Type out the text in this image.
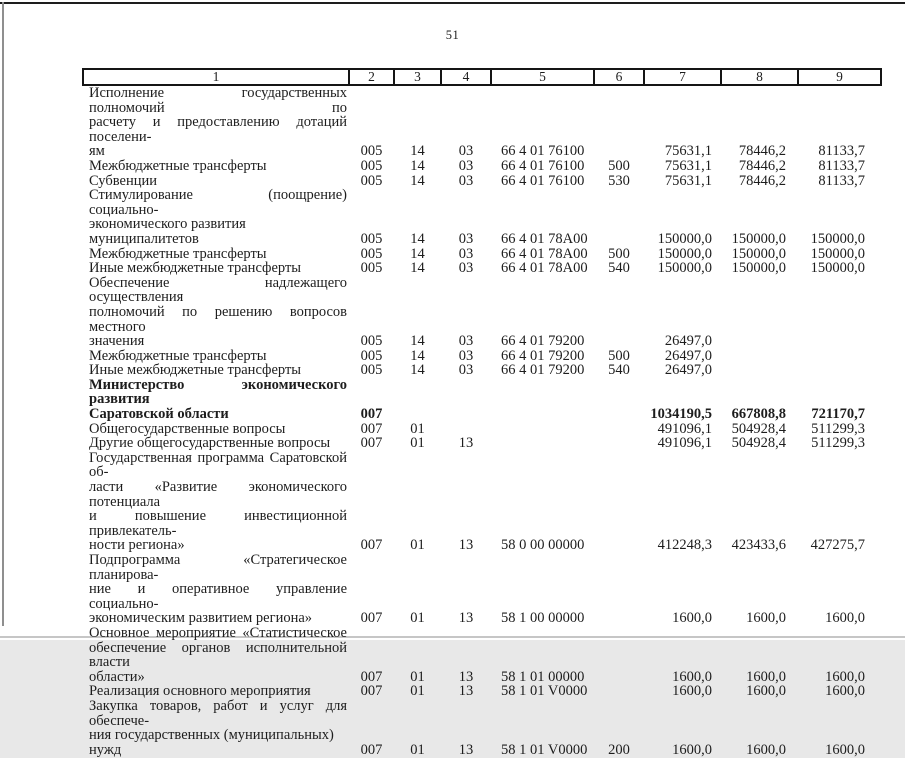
51
1	2	3	4	5	6	7	8	9

Исполнение государственных полномочий по
расчету и предоставлению дотаций поселени-
ям	005	14	03	66 4 01 76100		75631,1	78446,2	81133,7

Межбюджетные трансферты	005	14	03	66 4 01 76100	500	75631,1	78446,2	81133,7

Субвенции	005	14	03	66 4 01 76100	530	75631,1	78446,2	81133,7

Стимулирование (поощрение) социально-
экономического развития муниципалитетов	005	14	03	66 4 01 78A00		150000,0	150000,0	150000,0

Межбюджетные трансферты	005	14	03	66 4 01 78A00	500	150000,0	150000,0	150000,0

Иные межбюджетные трансферты	005	14	03	66 4 01 78A00	540	150000,0	150000,0	150000,0

Обеспечение надлежащего осуществления
полномочий по решению вопросов местного
значения	005	14	03	66 4 01 79200		26497,0		

Межбюджетные трансферты	005	14	03	66 4 01 79200	500	26497,0		

Иные межбюджетные трансферты	005	14	03	66 4 01 79200	540	26497,0		

Министерство экономического развития
Саратовской области	007					1034190,5	667808,8	721170,7

Общегосударственные вопросы	007	01				491096,1	504928,4	511299,3

Другие общегосударственные вопросы	007	01	13			491096,1	504928,4	511299,3

Государственная программа Саратовской об-
ласти «Развитие экономического потенциала
и повышение инвестиционной привлекатель-
ности региона»	007	01	13	58 0 00 00000		412248,3	423433,6	427275,7

Подпрограмма «Стратегическое планирова-
ние и оперативное управление социально-
экономическим развитием региона»	007	01	13	58 1 00 00000		1600,0	1600,0	1600,0

Основное мероприятие «Статистическое
обеспечение органов исполнительной власти
области»	007	01	13	58 1 01 00000		1600,0	1600,0	1600,0

Реализация основного мероприятия	007	01	13	58 1 01 V0000		1600,0	1600,0	1600,0

Закупка товаров, работ и услуг для обеспече-
ния государственных (муниципальных) нужд	007	01	13	58 1 01 V0000	200	1600,0	1600,0	1600,0
